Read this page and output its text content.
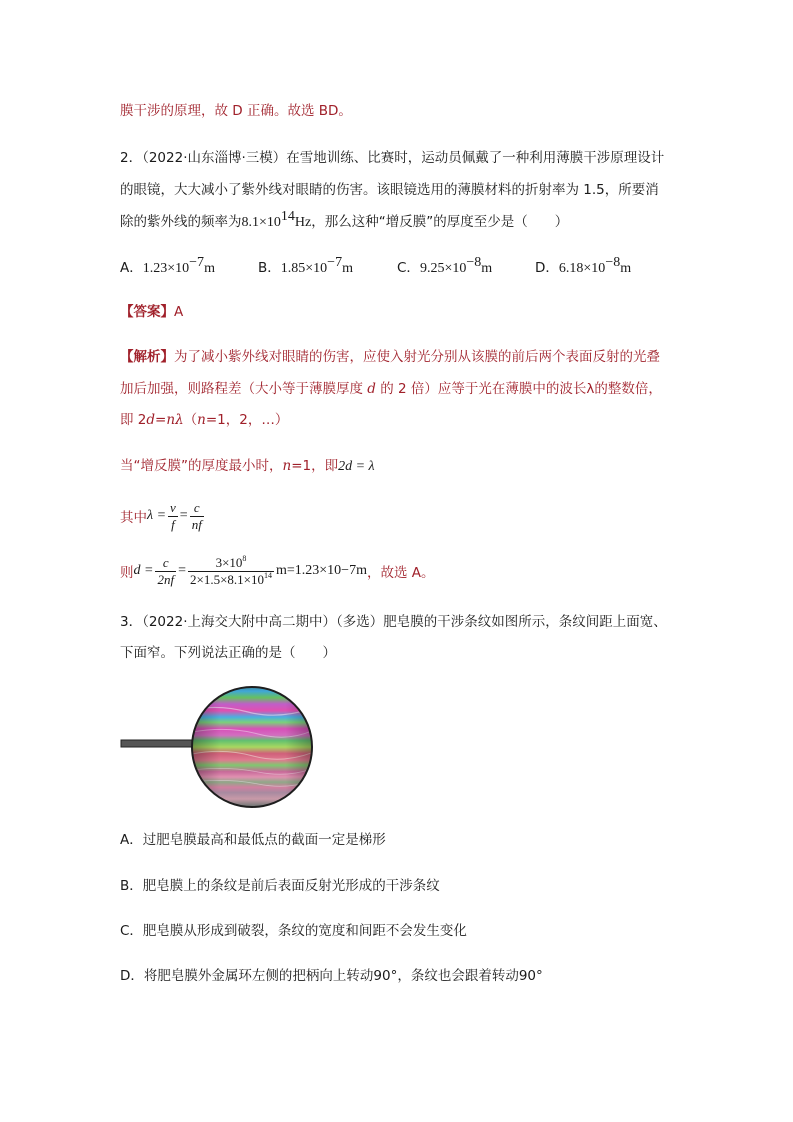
膜干涉的原理，故 D 正确。故选 BD。
2．（2022·山东淄博·三模）在雪地训练、比赛时，运动员佩戴了一种利用薄膜干涉原理设计
的眼镜，大大减小了紫外线对眼睛的伤害。该眼镜选用的薄膜材料的折射率为 1.5，所要消
除的紫外线的频率为$8.1\times 10^{14}Hz$，那么这种“增反膜”的厚度至少是（　　）
A．$1.23\times 10^{-7}m$	B．$1.85\times 10^{-7}m$	C．$9.25\times 10^{-8}m$	D．$6.18\times 10^{-8}m$
【答案】A
【解析】为了减小紫外线对眼睛的伤害，应使入射光分别从该膜的前后两个表面反射的光叠
加后加强，则路程差（大小等于薄膜厚度 d 的 2 倍）应等于光在薄膜中的波长λ的整数倍，
即 2d=nλ（n=1，2，…）
当“增反膜”的厚度最小时，n=1，即2d = λ
其中 $\lambda = \frac{v}{f} = \frac{c}{nf}$
则 $d = \frac{c}{2nf} = \frac{3\times 10^8}{2\times 1.5\times 8.1\times 10^{14}} m=1.23\times 10 -7$ m ，故选 A。
3．（2022·上海交大附中高二期中）（多选）肥皂膜的干涉条纹如图所示，条纹间距上面宽、
下面窄。下列说法正确的是（　　）
A．过肥皂膜最高和最低点的截面一定是梯形
B．肥皂膜上的条纹是前后表面反射光形成的干涉条纹
C．肥皂膜从形成到破裂，条纹的宽度和间距不会发生变化
D．将肥皂膜外金属环左侧的把柄向上转动90°，条纹也会跟着转动90°
